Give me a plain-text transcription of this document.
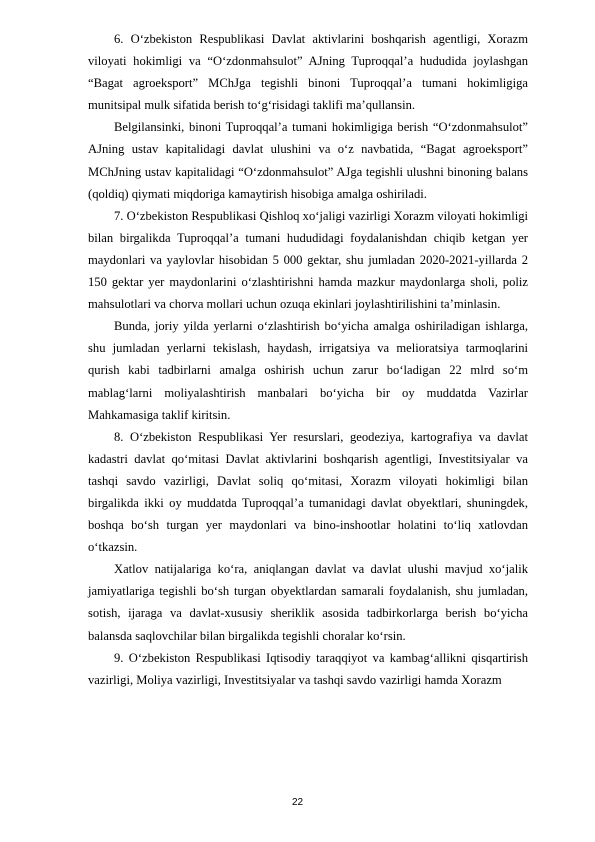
6. O‘zbekiston Respublikasi Davlat aktivlarini boshqarish agentligi, Xorazm viloyati hokimligi va “O‘zdonmahsulot” AJning Tuproqqal’a hududida joylashgan “Bagat agroeksport” MChJga tegishli binoni Tuproqqal’a tumani hokimligiga munitsipal mulk sifatida berish to‘g‘risidagi taklifi ma’qullansin.

Belgilansinki, binoni Tuproqqal’a tumani hokimligiga berish “O‘zdonmahsulot” AJning ustav kapitalidagi davlat ulushini va o‘z navbatida, “Bagat agroeksport” MChJning ustav kapitalidagi “O‘zdonmahsulot” AJga tegishli ulushni binoning balans (qoldiq) qiymati miqdoriga kamaytirish hisobiga amalga oshiriladi.

7. O‘zbekiston Respublikasi Qishloq xo‘jaligi vazirligi Xorazm viloyati hokimligi bilan birgalikda Tuproqqal’a tumani hududidagi foydalanishdan chiqib ketgan yer maydonlari va yaylovlar hisobidan 5 000 gektar, shu jumladan 2020-2021-yillarda 2 150 gektar yer maydonlarini o‘zlashtirishni hamda mazkur maydonlarga sholi, poliz mahsulotlari va chorva mollari uchun ozuqa ekinlari joylashtirilishini ta’minlasin.

Bunda, joriy yilda yerlarni o‘zlashtirish bo‘yicha amalga oshiriladigan ishlarga, shu jumladan yerlarni tekislash, haydash, irrigatsiya va melioratsiya tarmoqlarini qurish kabi tadbirlarni amalga oshirish uchun zarur bo‘ladigan 22 mlrd so‘m mablag‘larni moliyalashtirish manbalari bo‘yicha bir oy muddatda Vazirlar Mahkamasiga taklif kiritsin.

8. O‘zbekiston Respublikasi Yer resurslari, geodeziya, kartografiya va davlat kadastri davlat qo‘mitasi Davlat aktivlarini boshqarish agentligi, Investitsiyalar va tashqi savdo vazirligi, Davlat soliq qo‘mitasi, Xorazm viloyati hokimligi bilan birgalikda ikki oy muddatda Tuproqqal’a tumanidagi davlat obyektlari, shuningdek, boshqa bo‘sh turgan yer maydonlari va bino-inshootlar holatini to‘liq xatlovdan o‘tkazsin.

Xatlov natijalariga ko‘ra, aniqlangan davlat va davlat ulushi mavjud xo‘jalik jamiyatlariga tegishli bo‘sh turgan obyektlardan samarali foydalanish, shu jumladan, sotish, ijaraga va davlat-xususiy sheriklik asosida tadbirkorlarga berish bo‘yicha balansda saqlovchilar bilan birgalikda tegishli choralar ko‘rsin.

9. O‘zbekiston Respublikasi Iqtisodiy taraqqiyot va kambag‘allikni qisqartirish vazirligi, Moliya vazirligi, Investitsiyalar va tashqi savdo vazirligi hamda Xorazm

22
